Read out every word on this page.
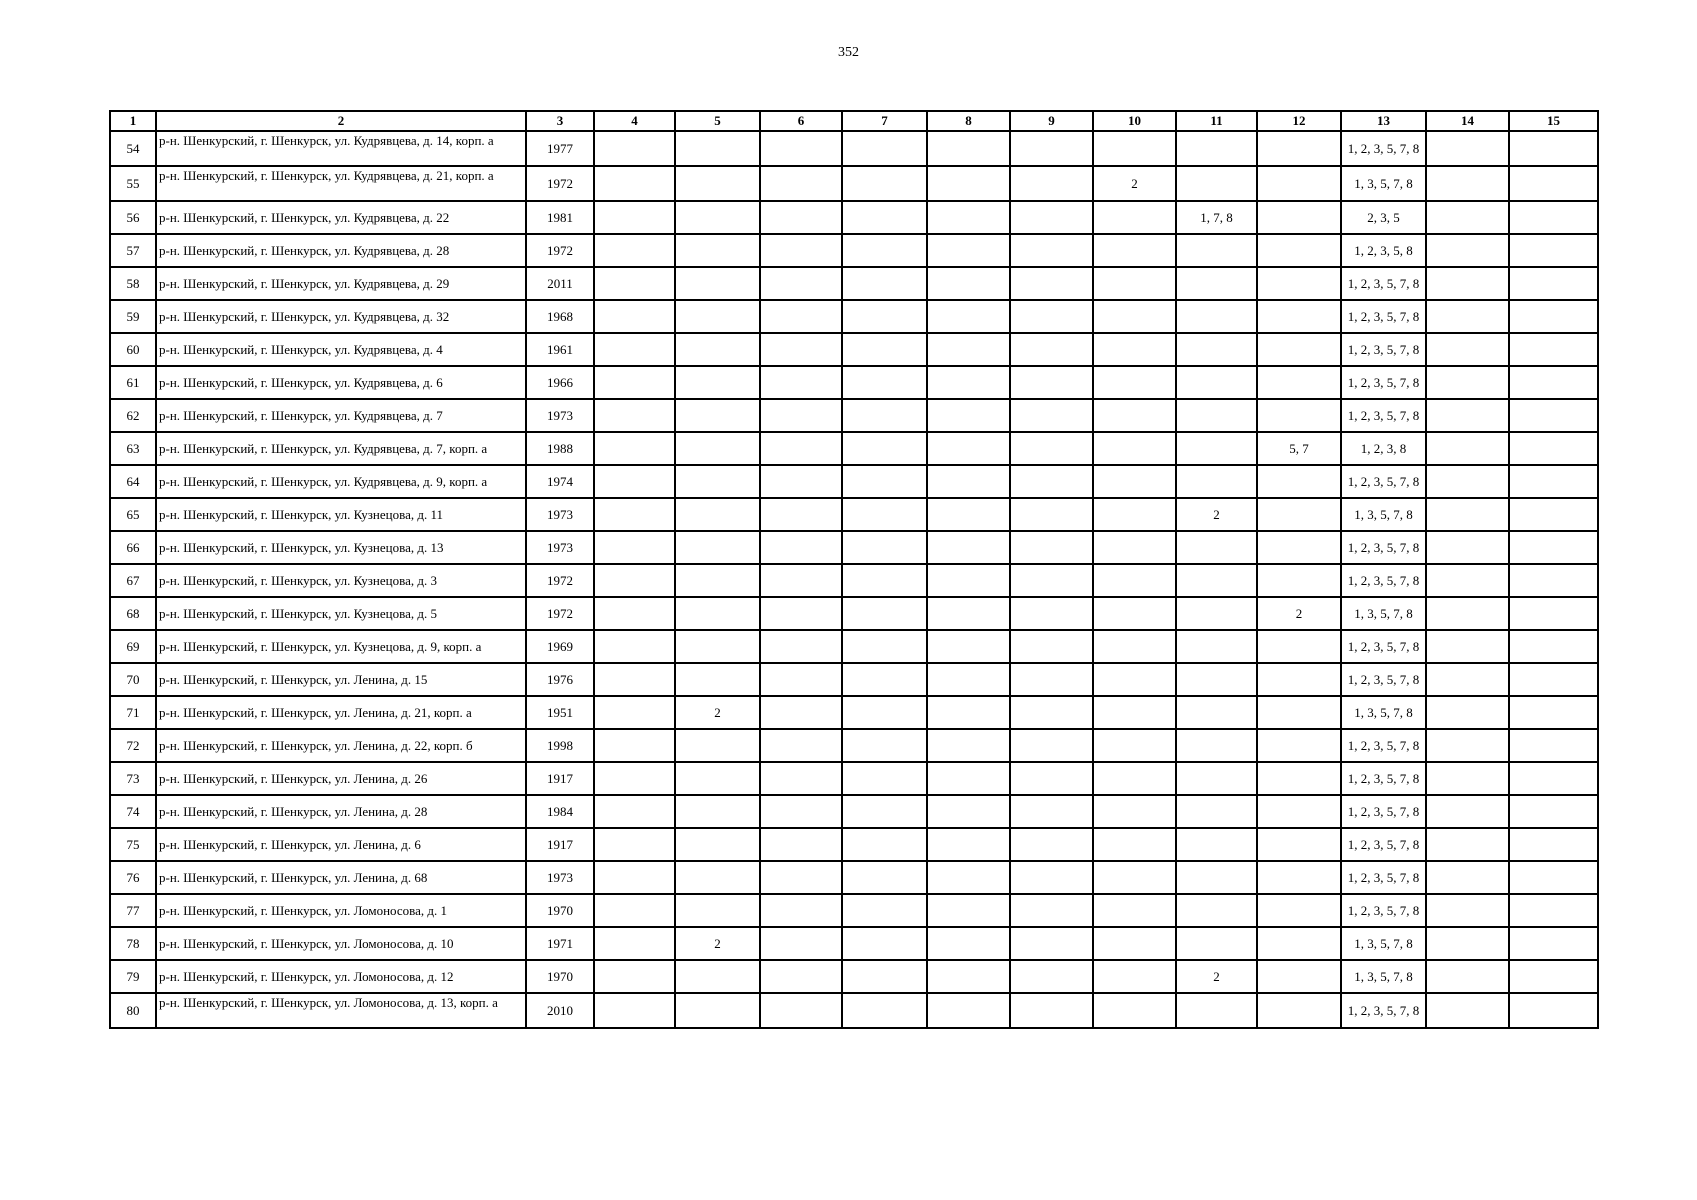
352
1	2	3	4	5	6	7	8	9	10	11	12	13	14	15
54	р-н. Шенкурский, г. Шенкурск, ул. Кудрявцева, д. 14, корп. а	1977										1, 2, 3, 5, 7, 8		
55	р-н. Шенкурский, г. Шенкурск, ул. Кудрявцева, д. 21, корп. а	1972							2			1, 3, 5, 7, 8		
56	р-н. Шенкурский, г. Шенкурск, ул. Кудрявцева, д. 22	1981								1, 7, 8		2, 3, 5		
57	р-н. Шенкурский, г. Шенкурск, ул. Кудрявцева, д. 28	1972										1, 2, 3, 5, 8		
58	р-н. Шенкурский, г. Шенкурск, ул. Кудрявцева, д. 29	2011										1, 2, 3, 5, 7, 8		
59	р-н. Шенкурский, г. Шенкурск, ул. Кудрявцева, д. 32	1968										1, 2, 3, 5, 7, 8		
60	р-н. Шенкурский, г. Шенкурск, ул. Кудрявцева, д. 4	1961										1, 2, 3, 5, 7, 8		
61	р-н. Шенкурский, г. Шенкурск, ул. Кудрявцева, д. 6	1966										1, 2, 3, 5, 7, 8		
62	р-н. Шенкурский, г. Шенкурск, ул. Кудрявцева, д. 7	1973										1, 2, 3, 5, 7, 8		
63	р-н. Шенкурский, г. Шенкурск, ул. Кудрявцева, д. 7, корп. а	1988									5, 7	1, 2, 3, 8		
64	р-н. Шенкурский, г. Шенкурск, ул. Кудрявцева, д. 9, корп. а	1974										1, 2, 3, 5, 7, 8		
65	р-н. Шенкурский, г. Шенкурск, ул. Кузнецова, д. 11	1973								2		1, 3, 5, 7, 8		
66	р-н. Шенкурский, г. Шенкурск, ул. Кузнецова, д. 13	1973										1, 2, 3, 5, 7, 8		
67	р-н. Шенкурский, г. Шенкурск, ул. Кузнецова, д. 3	1972										1, 2, 3, 5, 7, 8		
68	р-н. Шенкурский, г. Шенкурск, ул. Кузнецова, д. 5	1972									2	1, 3, 5, 7, 8		
69	р-н. Шенкурский, г. Шенкурск, ул. Кузнецова, д. 9, корп. а	1969										1, 2, 3, 5, 7, 8		
70	р-н. Шенкурский, г. Шенкурск, ул. Ленина, д. 15	1976										1, 2, 3, 5, 7, 8		
71	р-н. Шенкурский, г. Шенкурск, ул. Ленина, д. 21, корп. а	1951		2								1, 3, 5, 7, 8		
72	р-н. Шенкурский, г. Шенкурск, ул. Ленина, д. 22, корп. б	1998										1, 2, 3, 5, 7, 8		
73	р-н. Шенкурский, г. Шенкурск, ул. Ленина, д. 26	1917										1, 2, 3, 5, 7, 8		
74	р-н. Шенкурский, г. Шенкурск, ул. Ленина, д. 28	1984										1, 2, 3, 5, 7, 8		
75	р-н. Шенкурский, г. Шенкурск, ул. Ленина, д. 6	1917										1, 2, 3, 5, 7, 8		
76	р-н. Шенкурский, г. Шенкурск, ул. Ленина, д. 68	1973										1, 2, 3, 5, 7, 8		
77	р-н. Шенкурский, г. Шенкурск, ул. Ломоносова, д. 1	1970										1, 2, 3, 5, 7, 8		
78	р-н. Шенкурский, г. Шенкурск, ул. Ломоносова, д. 10	1971		2								1, 3, 5, 7, 8		
79	р-н. Шенкурский, г. Шенкурск, ул. Ломоносова, д. 12	1970								2		1, 3, 5, 7, 8		
80	р-н. Шенкурский, г. Шенкурск, ул. Ломоносова, д. 13, корп. а	2010										1, 2, 3, 5, 7, 8		
